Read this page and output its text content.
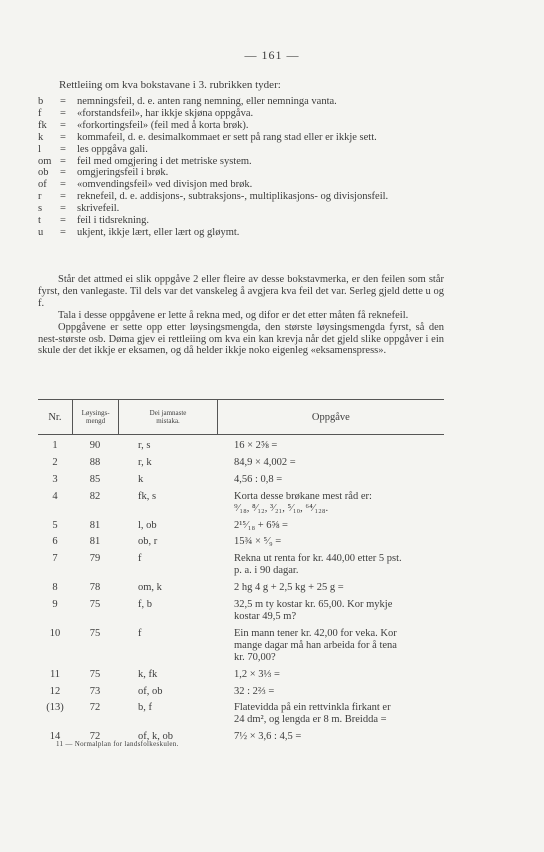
— 161 —
Rettleiing om kva bokstavane i 3. rubrikken tyder:
b	=	nemningsfeil, d. e. anten rang nemning, eller nemninga vanta.
f	=	«forstandsfeil», har ikkje skjøna oppgåva.
fk	=	«forkortingsfeil» (feil med å korta brøk).
k	=	kommafeil, d. e. desimalkommaet er sett på rang stad eller er ikkje sett.
l	=	les oppgåva gali.
om =	feil med omgjering i det metriske system.
ob	=	omgjeringsfeil i brøk.
of	=	«omvendingsfeil» ved divisjon med brøk.
r	=	reknefeil, d. e. addisjons-, subtraksjons-, multiplikasjons- og divisjonsfeil.
s	=	skrivefeil.
t	=	feil i tidsrekning.
u	=	ukjent, ikkje lært, eller lært og gløymt.

Står det attmed ei slik oppgåve 2 eller fleire av desse bokstavmerka, er den feilen som står fyrst, den vanlegaste. Til dels var det vanskeleg å avgjera kva feil det var. Serleg gjeld dette u og f.

Tala i desse oppgåvene er lette å rekna med, og difor er det etter måten få reknefeil.

Oppgåvene er sette opp etter løysingsmengda, den største løysingsmengda fyrst, så den nest-største osb. Døma gjev ei rettleiing om kva ein kan krevja når det gjeld slike oppgåver i ein skule der det ikkje er eksamen, og då helder ikkje noko eigenleg «eksamenspress».

Nr.	Løysings-
mengd
Dei jamnaste
mistaka.	Oppgåve
1	90	r, s	16 × 2⅝ =
2	88	r, k	84,9 × 4,002 =
3	85	k	4,56 : 0,8 =
4	82	fk, s	Korta desse brøkane mest råd er:
⁹⁄₁₈, ⁸⁄₁₂, ³⁄₂₁, ⁵⁄₁₀, ⁶⁴⁄₁₂₈.
5	81	l, ob	2¹⁵⁄₁₈ + 6⅝ =
6	81	ob, r	15¾ × ⁵⁄₉ =
7	79	f	Rekna ut renta for kr. 440,00 etter 5 pst.
p. a. i 90 dagar.
8	78	om, k	2 hg 4 g + 2,5 kg + 25 g =
9	75	f, b	32,5 m ty kostar kr. 65,00. Kor mykje
kostar 49,5 m?
10	75	f	Ein mann tener kr. 42,00 for veka. Kor
mange dagar må han arbeida for å tena
kr. 70,00?
11	75	k, fk	1,2 × 3⅓ =
12	73	of, ob	32 : 2⅔ =
(13)	72	b, f	Flatevidda på ein rettvinkla firkant er
24 dm², og lengda er 8 m. Breidda =
14	72	of, k, ob	7½ × 3,6 : 4,5 =
11 — Normalplan for landsfolkeskulen.
